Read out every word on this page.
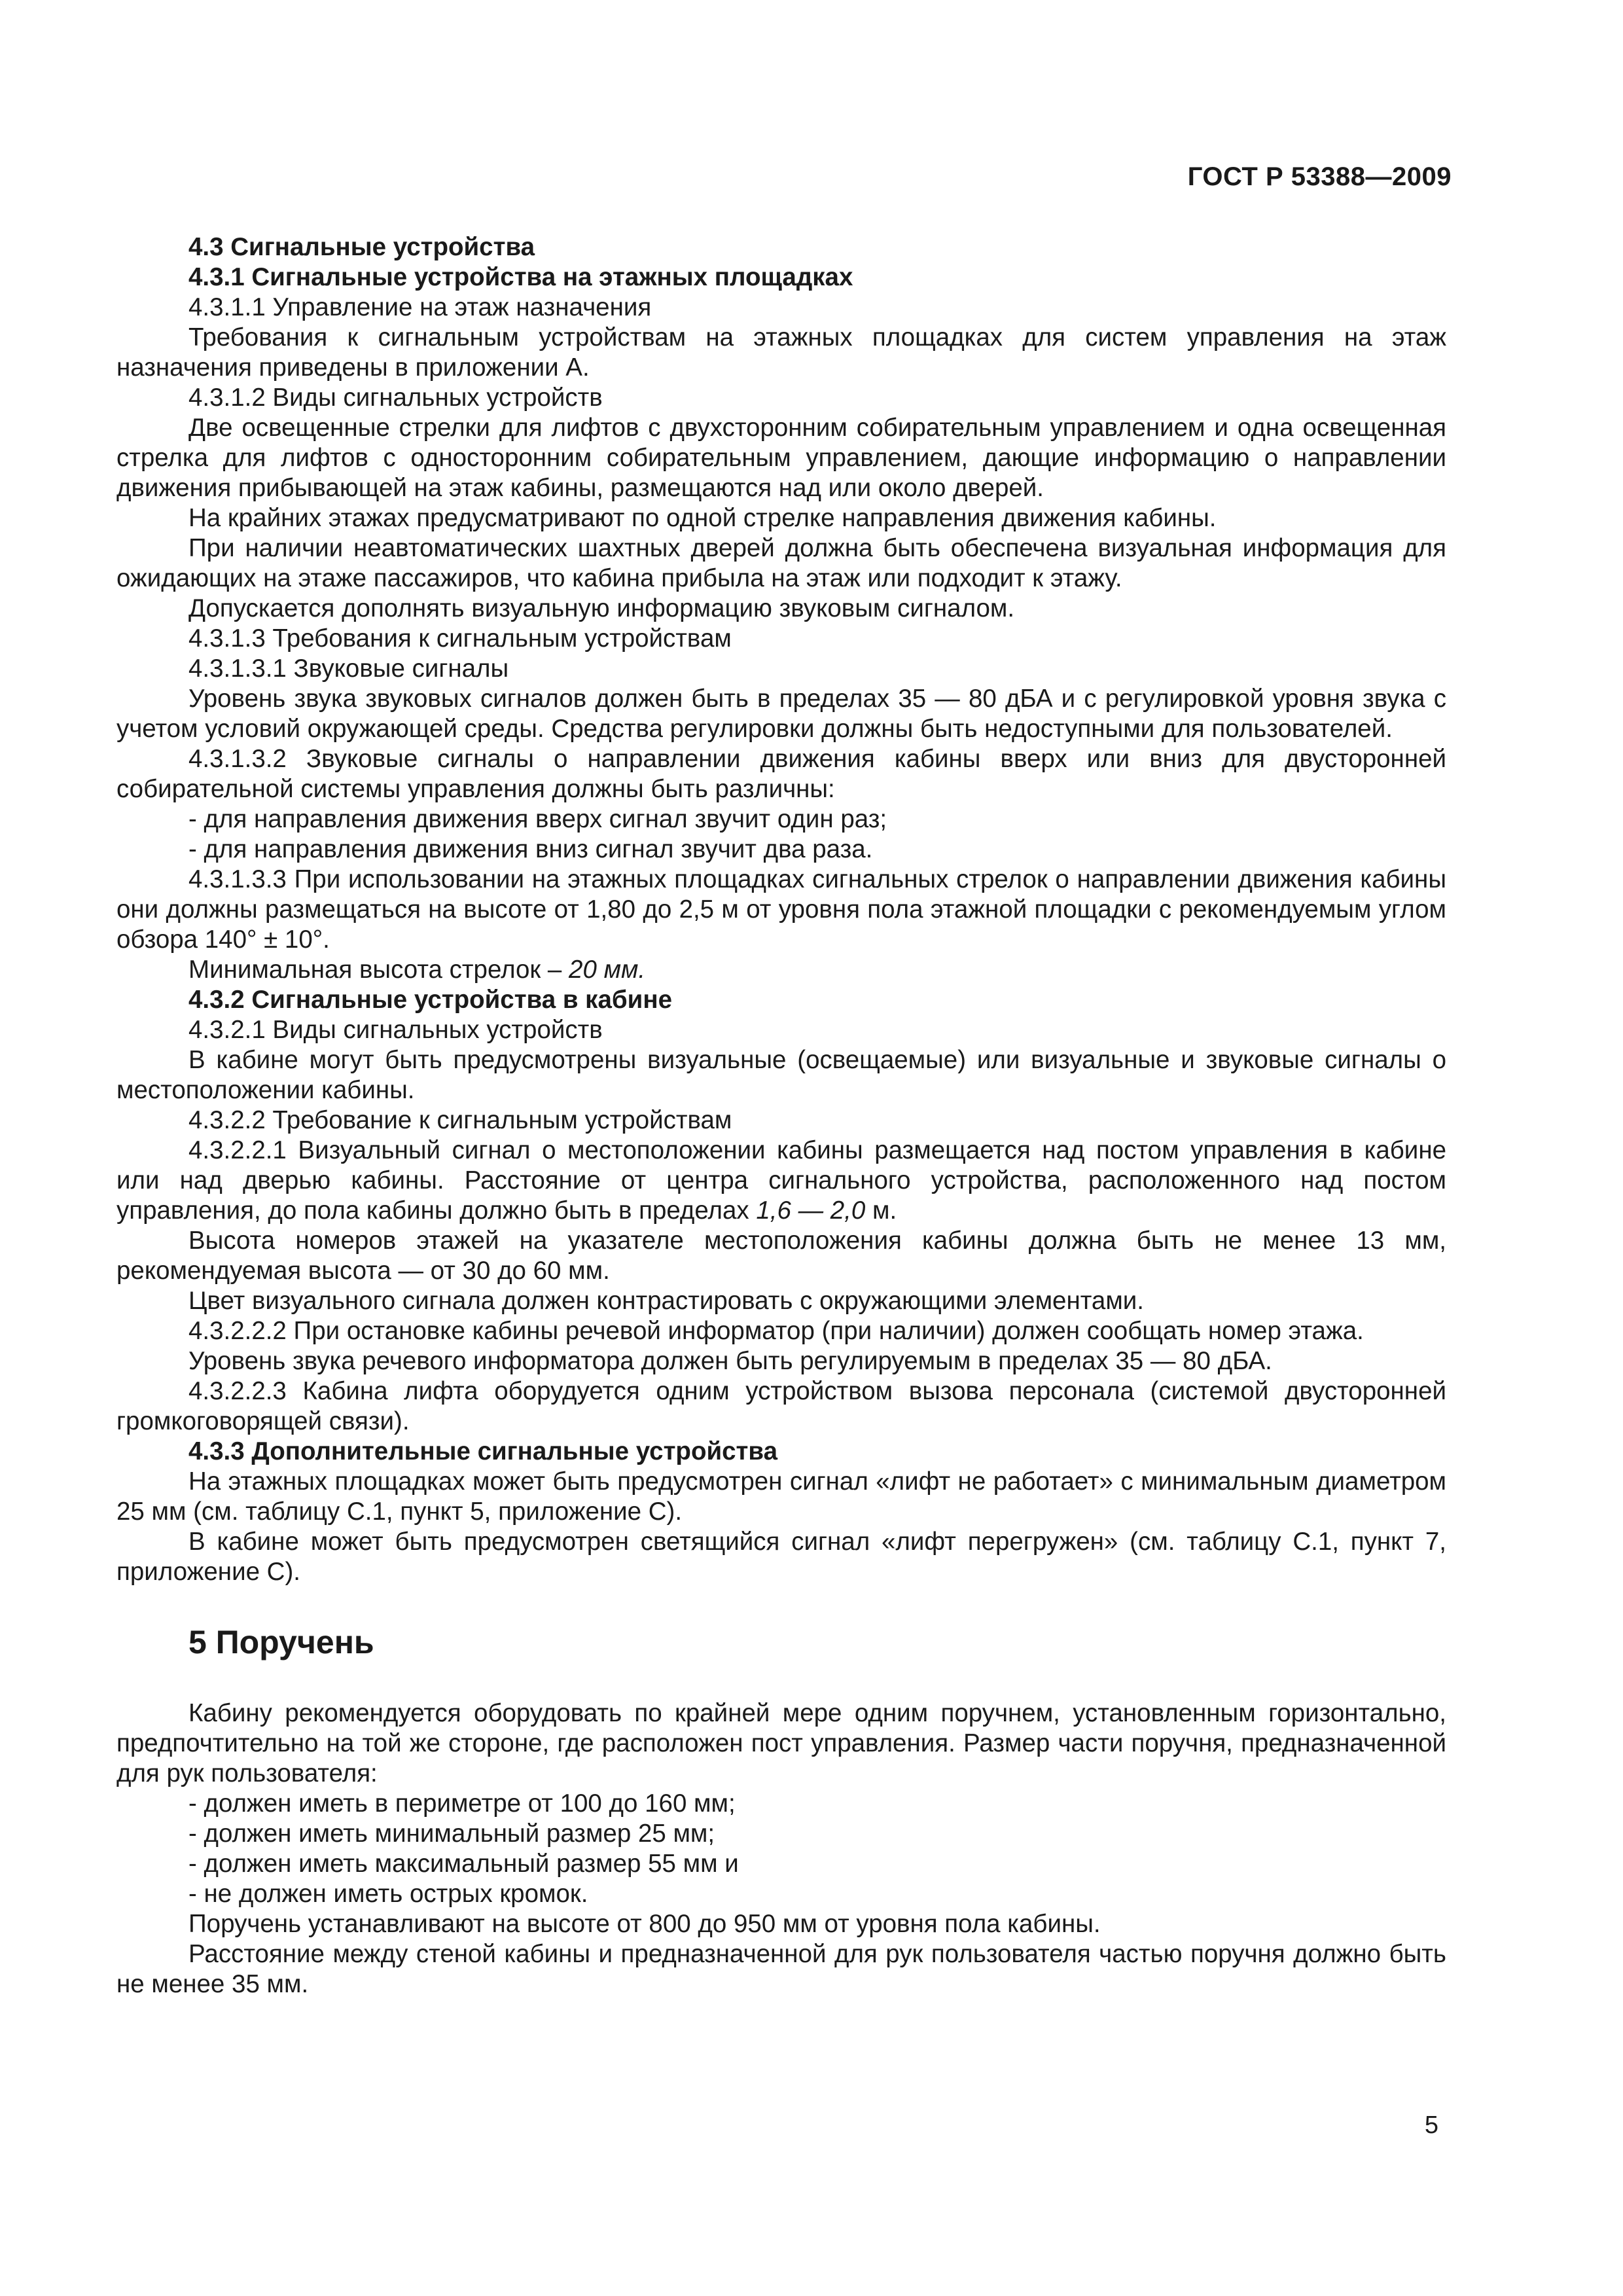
ГОСТ Р 53388—2009

4.3 Сигнальные устройства

4.3.1 Сигнальные устройства на этажных площадках

4.3.1.1 Управление на этаж назначения

Требования к сигнальным устройствам на этажных площадках для систем управления на этаж назначения приведены в приложении А.

4.3.1.2 Виды сигнальных устройств

Две освещенные стрелки для лифтов с двухсторонним собирательным управлением и одна освещенная стрелка для лифтов с односторонним собирательным управлением, дающие информацию о направлении движения прибывающей на этаж кабины, размещаются над или около дверей.

На крайних этажах предусматривают по одной стрелке направления движения кабины.

При наличии неавтоматических шахтных дверей должна быть обеспечена визуальная информация для ожидающих на этаже пассажиров, что кабина прибыла на этаж или подходит к этажу.

Допускается дополнять визуальную информацию звуковым сигналом.

4.3.1.3 Требования к сигнальным устройствам

4.3.1.3.1 Звуковые сигналы

Уровень звука звуковых сигналов должен быть в пределах 35 — 80 дБА и с регулировкой уровня звука с учетом условий окружающей среды. Средства регулировки должны быть недоступными для пользователей.

4.3.1.3.2 Звуковые сигналы о направлении движения кабины вверх или вниз для двусторонней собирательной системы управления должны быть различны:

- для направления движения вверх сигнал звучит один раз;

- для направления движения вниз сигнал звучит два раза.

4.3.1.3.3 При использовании на этажных площадках сигнальных стрелок о направлении движения кабины они должны размещаться на высоте от 1,80 до 2,5 м от уровня пола этажной площадки с рекомендуемым углом обзора 140° ± 10°.

Минимальная высота стрелок – 20 мм.

4.3.2 Сигнальные устройства в кабине

4.3.2.1 Виды сигнальных устройств

В кабине могут быть предусмотрены визуальные (освещаемые) или визуальные и звуковые сигналы о местоположении кабины.

4.3.2.2 Требование к сигнальным устройствам

4.3.2.2.1 Визуальный сигнал о местоположении кабины размещается над постом управления в кабине или над дверью кабины. Расстояние от центра сигнального устройства, расположенного над постом управления, до пола кабины должно быть в пределах 1,6 — 2,0 м.

Высота номеров этажей на указателе местоположения кабины должна быть не менее 13 мм, рекомендуемая высота — от 30 до 60 мм.

Цвет визуального сигнала должен контрастировать с окружающими элементами.

4.3.2.2.2 При остановке кабины речевой информатор (при наличии) должен сообщать номер этажа.

Уровень звука речевого информатора должен быть регулируемым в пределах 35 — 80 дБА.

4.3.2.2.3 Кабина лифта оборудуется одним устройством вызова персонала (системой двусторонней громкоговорящей связи).

4.3.3 Дополнительные сигнальные устройства

На этажных площадках может быть предусмотрен сигнал «лифт не работает» с минимальным диаметром 25 мм (см. таблицу С.1, пункт 5, приложение С).

В кабине может быть предусмотрен светящийся сигнал «лифт перегружен» (см. таблицу С.1, пункт 7, приложение С).

5 Поручень

Кабину рекомендуется оборудовать по крайней мере одним поручнем, установленным горизонтально, предпочтительно на той же стороне, где расположен пост управления. Размер части поручня, предназначенной для рук пользователя:

- должен иметь в периметре от 100 до 160 мм;

- должен иметь минимальный размер 25 мм;

- должен иметь максимальный размер 55 мм и

- не должен иметь острых кромок.

Поручень устанавливают на высоте от 800 до 950 мм от уровня пола кабины.

Расстояние между стеной кабины и предназначенной для рук пользователя частью поручня должно быть не менее 35 мм.

5
